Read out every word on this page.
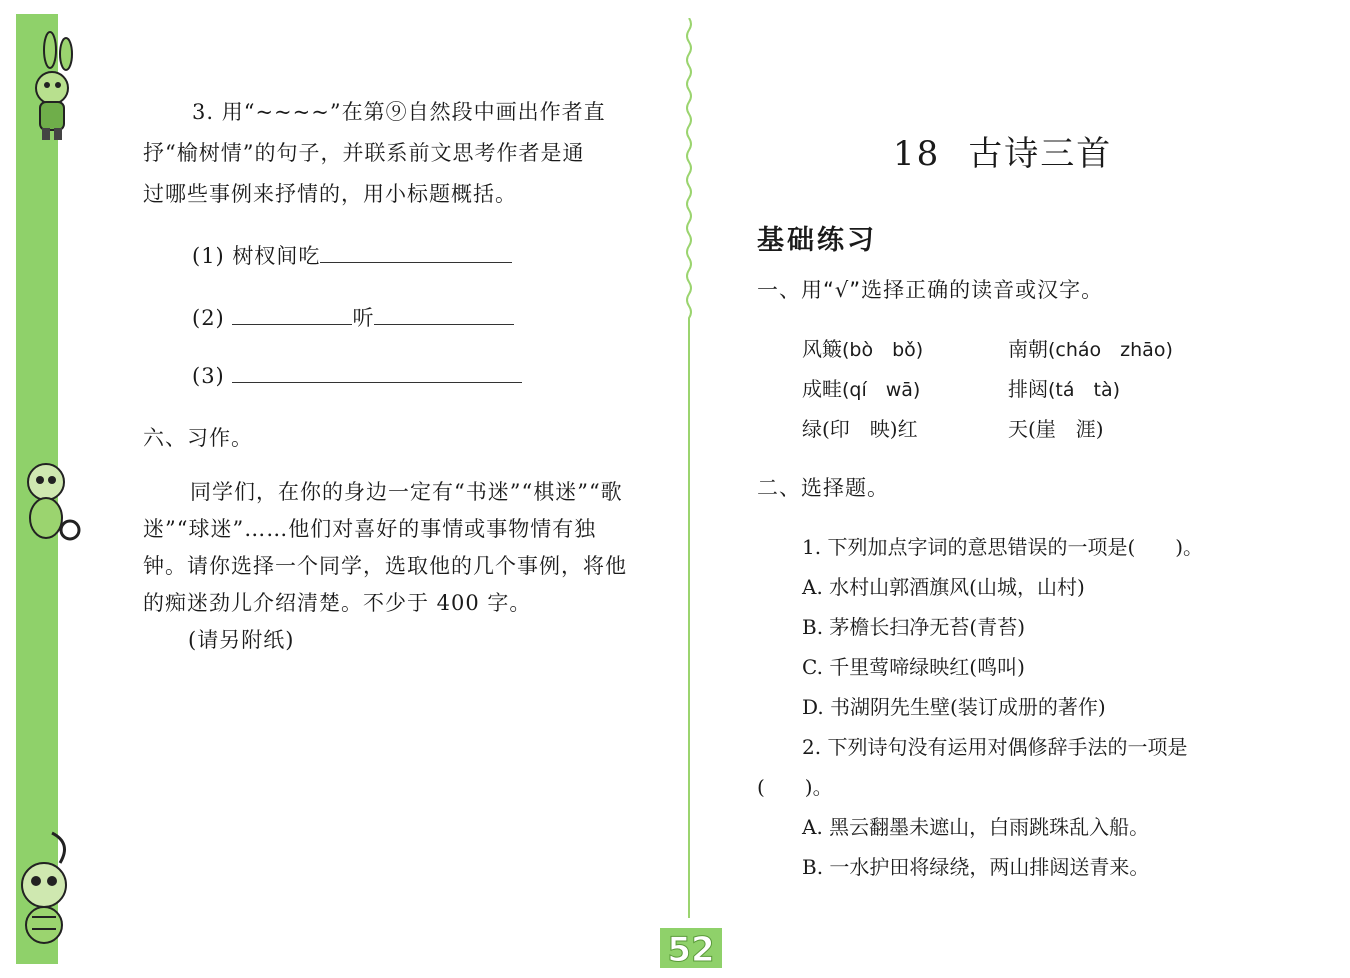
3. 用“~~~~”在第⑨自然段中画出作者直
抒“榆树情”的句子，并联系前文思考作者是通
过哪些事例来抒情的，用小标题概括。
(1) 树杈间吃
(2)	听
(3)
六、习作。
同学们，在你的身边一定有“书迷”“棋迷”“歌
迷”“球迷”……他们对喜好的事情或事物情有独
钟。请你选择一个同学，选取他的几个事例，将他
的痴迷劲儿介绍清楚。不少于 400 字。
(请另附纸)
18 古诗三首
基础练习
一、用“√”选择正确的读音或汉字。
风簸(bò　bǒ)	南朝(cháo　zhāo)
成畦(qí　wā)	排闼(tá　tà)
绿(印　映)红	天(崖　涯)
二、选择题。
1. 下列加点字词的意思错误的一项是(　　)。
A. 水村山郭酒旗风(山城，山村)
B. 茅檐长扫净无苔(青苔)
C. 千里莺啼绿映红(鸣叫)
D. 书湖阴先生壁(装订成册的著作)
2. 下列诗句没有运用对偶修辞手法的一项是
(　　)。
A. 黑云翻墨未遮山，白雨跳珠乱入船。
B. 一水护田将绿绕，两山排闼送青来。
52
